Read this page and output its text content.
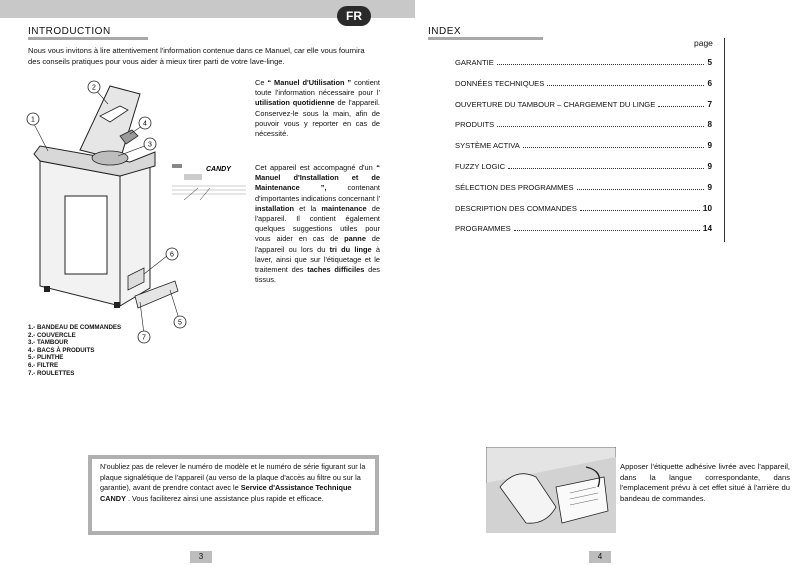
FR
INTRODUCTION
Nous vous invitons à lire attentivement l'information contenue dans ce Manuel, car elle vous fournira des conseils pratiques pour vous aider à mieux tirer parti de votre lave-linge.
1
2
3
4
5
6
7
CANDY
Ce “ Manuel d'Utilisation ” contient toute l'information nécessaire pour l' utilisation quotidienne de l'appareil. Conservez-le sous la main, afin de pouvoir vous y reporter en cas de nécessité.
Cet appareil est accompagné d'un “ Manuel d'Installation et de Maintenance ”, contenant d'importantes indications concernant l' installation et la maintenance de l'appareil. Il contient également quelques suggestions utiles pour vous aider en cas de panne de l'appareil ou lors du tri du linge à laver, ainsi que sur l'étiquetage et le traitement des taches difficiles des tissus.
1.- BANDEAU DE COMMANDES
2.- COUVERCLE
3.- TAMBOUR
4.- BACS À PRODUITS
5.- PLINTHE
6.- FILTRE
7.- ROULETTES
N'oubliez pas de relever le numéro de modèle et le numéro de série figurant sur la plaque signalétique de l'appareil (au verso de la plaque d'accès au filtre ou sur la garantie), avant de prendre contact avec le Service d'Assistance Technique CANDY . Vous faciliterez ainsi une assistance plus rapide et efficace.
3
INDEX
page
GARANTIE	5
DONNÉES TECHNIQUES	6
OUVERTURE DU TAMBOUR – CHARGEMENT DU LINGE	7
PRODUITS	8
SYSTÈME ACTIVA	9
FUZZY LOGIC	9
SÉLECTION DES PROGRAMMES	9
DESCRIPTION DES COMMANDES	10
PROGRAMMES	14
Apposer l'étiquette adhésive livrée avec l'appareil, dans la langue correspondante, dans l'emplacement prévu à cet effet situé à l'arrière du bandeau de commandes.
4
